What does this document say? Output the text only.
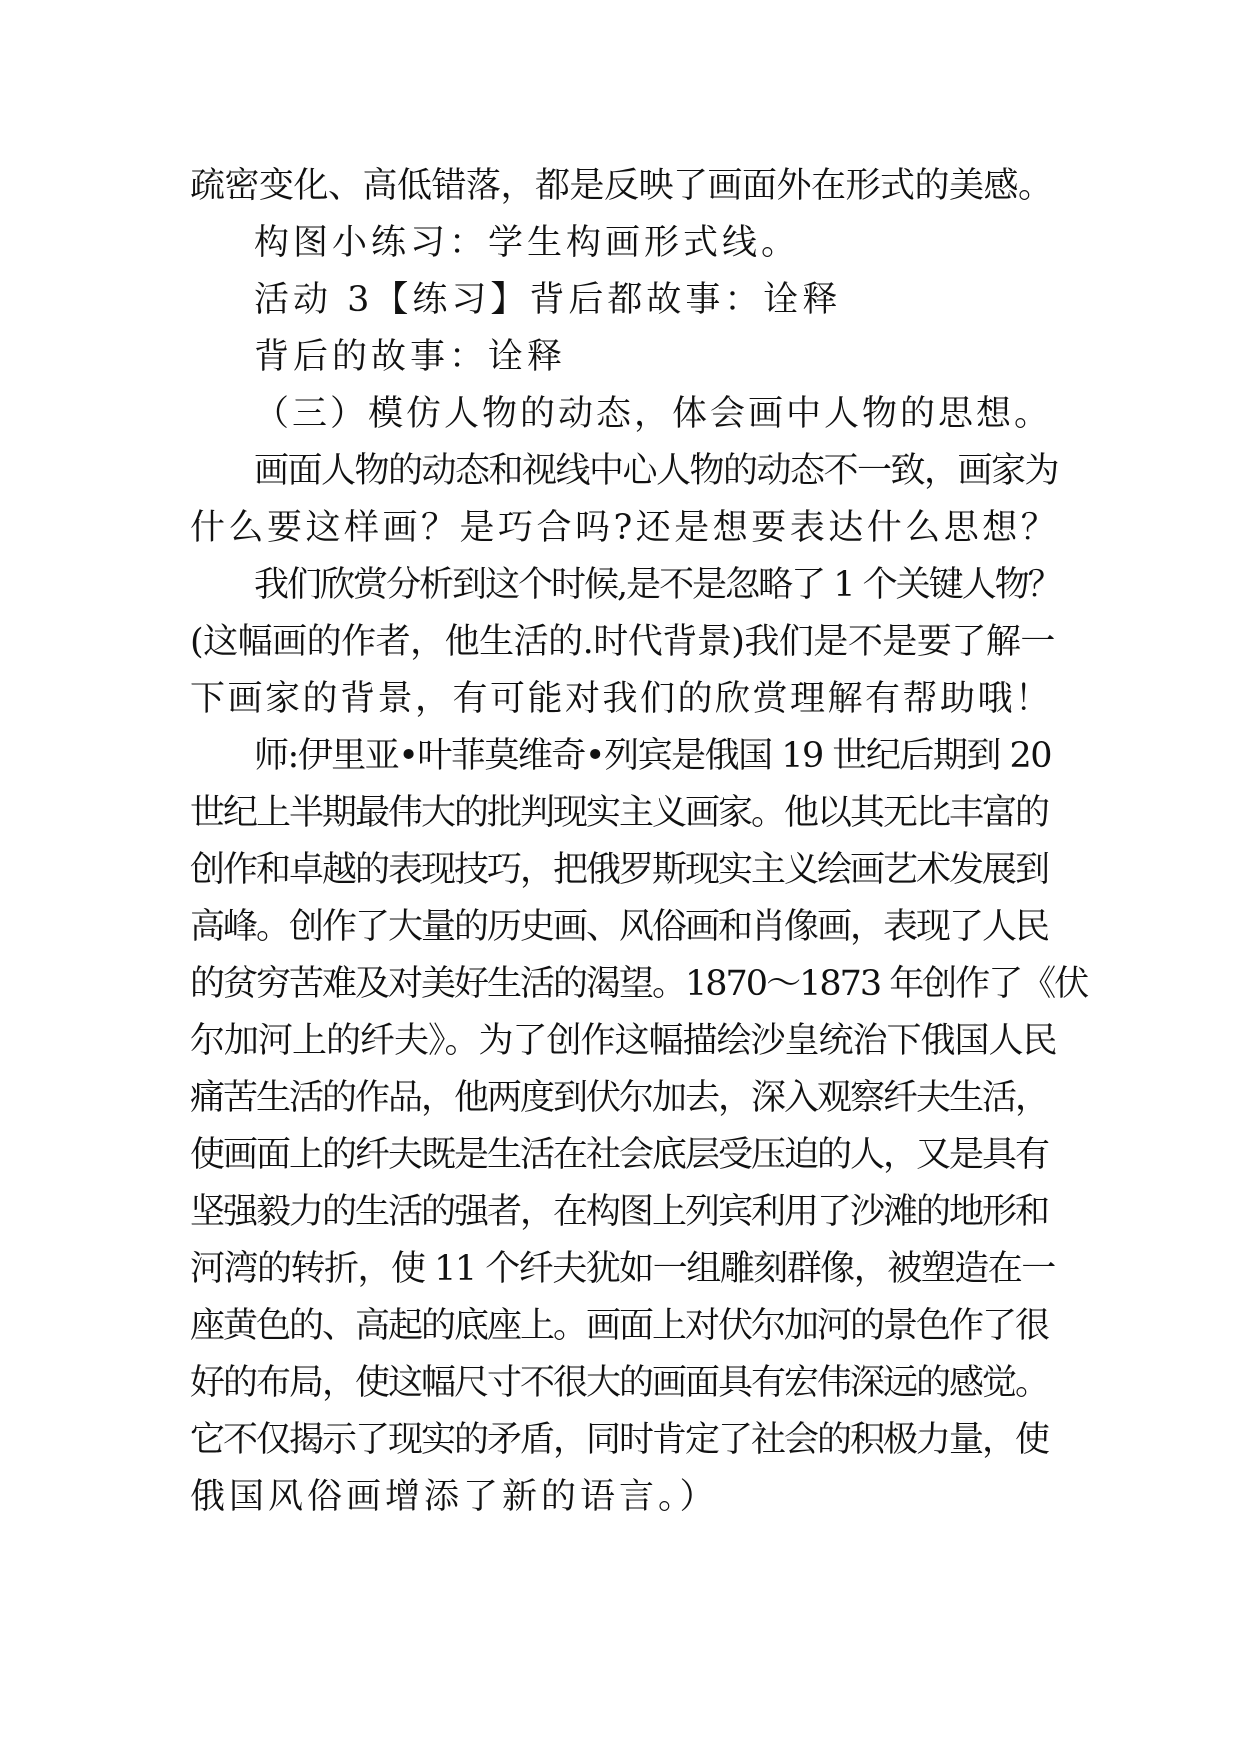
疏密变化、高低错落，都是反映了画面外在形式的美感。
构图小练习：学生构画形式线。
活动 3【练习】背后都故事：诠释
背后的故事：诠释
（三）模仿人物的动态，体会画中人物的思想。
画面人物的动态和视线中心人物的动态不一致，画家为
什么要这样画？是巧合吗?还是想要表达什么思想？
我们欣赏分析到这个时候,是不是忽略了 1 个关键人物？
(这幅画的作者，他生活的.时代背景)我们是不是要了解一
下画家的背景，有可能对我们的欣赏理解有帮助哦！
师:伊里亚•叶菲莫维奇•列宾是俄国 19 世纪后期到 20
世纪上半期最伟大的批判现实主义画家。他以其无比丰富的
创作和卓越的表现技巧，把俄罗斯现实主义绘画艺术发展到
高峰。创作了大量的历史画、风俗画和肖像画，表现了人民
的贫穷苦难及对美好生活的渴望。1870～1873 年创作了《伏
尔加河上的纤夫》。为了创作这幅描绘沙皇统治下俄国人民
痛苦生活的作品，他两度到伏尔加去，深入观察纤夫生活，
使画面上的纤夫既是生活在社会底层受压迫的人，又是具有
坚强毅力的生活的强者，在构图上列宾利用了沙滩的地形和
河湾的转折，使 11 个纤夫犹如一组雕刻群像，被塑造在一
座黄色的、高起的底座上。画面上对伏尔加河的景色作了很
好的布局，使这幅尺寸不很大的画面具有宏伟深远的感觉。
它不仅揭示了现实的矛盾，同时肯定了社会的积极力量，使
俄国风俗画增添了新的语言。）
